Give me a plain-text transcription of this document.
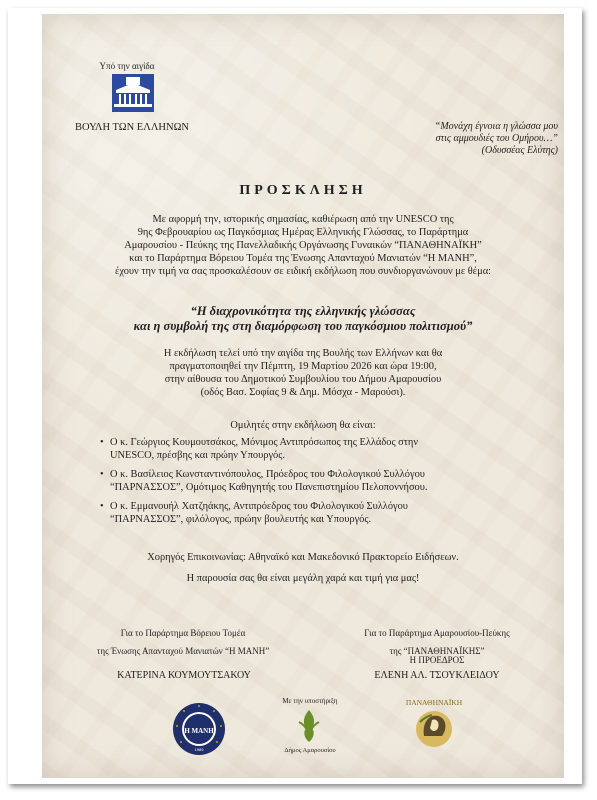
Υπό την αιγίδα
ΒΟΥΛΗ ΤΩΝ ΕΛΛΗΝΩΝ	“Μονάχη έγνοια η γλώσσα μου
στις αμμουδιές του Ομήρου…”
(Οδυσσέας Ελύτης)
ΠΡΟΣΚΛΗΣΗ
Με αφορμή την, ιστορικής σημασίας, καθιέρωση από την UNESCO της
9ης Φεβρουαρίου ως Παγκόσμιας Ημέρας Ελληνικής Γλώσσας, το Παράρτημα
Αμαρουσίου - Πεύκης της Πανελλαδικής Οργάνωσης Γυναικών “ΠΑΝΑΘΗΝΑΪΚΗ”
και το Παράρτημα Βόρειου Τομέα της Ένωσης Απανταχού Μανιατών “Η ΜΑΝΗ”,
έχουν την τιμή να σας προσκαλέσουν σε ειδική εκδήλωση που συνδιοργανώνουν με θέμα:
“Η διαχρονικότητα της ελληνικής γλώσσας
και η συμβολή της στη διαμόρφωση του παγκόσμιου πολιτισμού”
Η εκδήλωση τελεί υπό την αιγίδα της Βουλής των Ελλήνων και θα
πραγματοποιηθεί την Πέμπτη, 19 Μαρτίου 2026 και ώρα 19:00,
στην αίθουσα του Δημοτικού Συμβουλίου του Δήμου Αμαρουσίου
(οδός Βασ. Σοφίας 9 & Δημ. Μόσχα - Μαρούσι).
Ομιλητές στην εκδήλωση θα είναι:
• Ο κ. Γεώργιος Κουμουτσάκος, Μόνιμος Αντιπρόσωπος της Ελλάδος στην
UNESCO, πρέσβης και πρώην Υπουργός.
• Ο κ. Βασίλειος Κωνσταντινόπουλος, Πρόεδρος του Φιλολογικού Συλλόγου
“ΠΑΡΝΑΣΣΟΣ”, Ομότιμος Καθηγητής του Πανεπιστημίου Πελοποννήσου.
• Ο κ. Εμμανουήλ Χατζηάκης, Αντιπρόεδρος του Φιλολογικού Συλλόγου
“ΠΑΡΝΑΣΣΟΣ”, φιλόλογος, πρώην βουλευτής και Υπουργός.
Χορηγός Επικοινωνίας: Αθηναϊκό και Μακεδονικό Πρακτορείο Ειδήσεων.
Η παρουσία σας θα είναι μεγάλη χαρά και τιμή για μας!
Για το Παράρτημα Βόρειου Τομέα
της Ένωσης Απανταχού Μανιατών “Η ΜΑΝΗ”
ΚΑΤΕΡΙΝΑ ΚΟΥΜΟΥΤΣΑΚΟΥ
Για το Παράρτημα Αμαρουσίου-Πεύκης
της “ΠΑΝΑΘΗΝΑΪΚΗΣ”
Η ΠΡΟΕΔΡΟΣ
ΕΛΕΝΗ ΑΛ. ΤΣΟΥΚΛΕΙΔΟΥ
Η ΜΑΝΗ
1989
Με την υποστήριξη
Δήμος Αμαρουσίου
ΠΑΝΑΘΗΝΑΪΚΗ
